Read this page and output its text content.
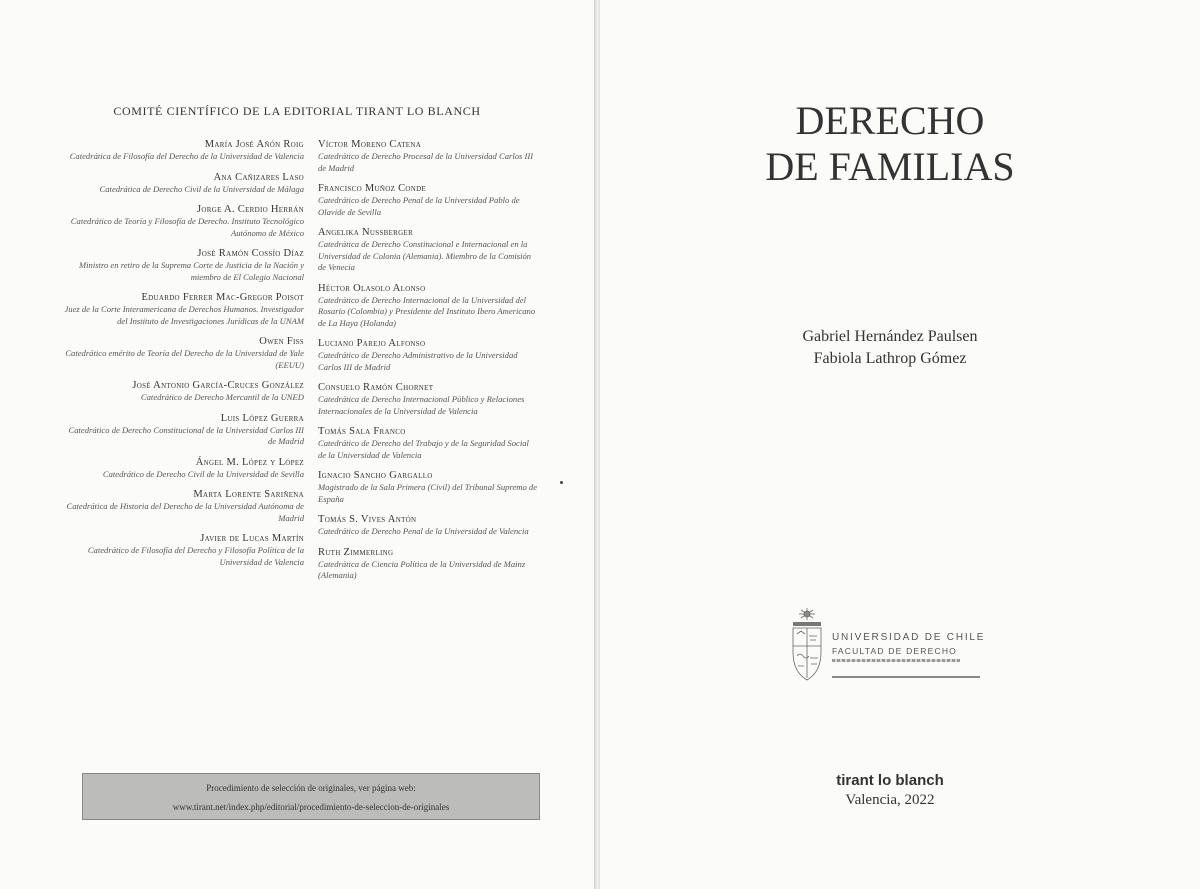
COMITÉ CIENTÍFICO DE LA EDITORIAL TIRANT LO BLANCH
María José Añón Roig
Catedrática de Filosofía del Derecho de la Universidad de Valencia
Ana Cañizares Laso
Catedrática de Derecho Civil de la Universidad de Málaga
Jorge A. Cerdio Herrán
Catedrático de Teoría y Filosofía de Derecho. Instituto Tecnológico Autónomo de México
José Ramón Cossío Díaz
Ministro en retiro de la Suprema Corte de Justicia de la Nación y miembro de El Colegio Nacional
Eduardo Ferrer Mac-Gregor Poisot
Juez de la Corte Interamericana de Derechos Humanos. Investigador del Instituto de Investigaciones Jurídicas de la UNAM
Owen Fiss
Catedrático emérito de Teoría del Derecho de la Universidad de Yale (EEUU)
José Antonio García-Cruces González
Catedrático de Derecho Mercantil de la UNED
Luis López Guerra
Catedrático de Derecho Constitucional de la Universidad Carlos III de Madrid
Ángel M. López y López
Catedrático de Derecho Civil de la Universidad de Sevilla
Marta Lorente Sariñena
Catedrática de Historia del Derecho de la Universidad Autónoma de Madrid
Javier de Lucas Martín
Catedrático de Filosofía del Derecho y Filosofía Política de la Universidad de Valencia
Víctor Moreno Catena
Catedrático de Derecho Procesal de la Universidad Carlos III de Madrid
Francisco Muñoz Conde
Catedrático de Derecho Penal de la Universidad Pablo de Olavide de Sevilla
Angelika Nussberger
Catedrática de Derecho Constitucional e Internacional en la Universidad de Colonia (Alemania). Miembro de la Comisión de Venecia
Héctor Olasolo Alonso
Catedrático de Derecho Internacional de la Universidad del Rosario (Colombia) y Presidente del Instituto Ibero Americano de La Haya (Holanda)
Luciano Parejo Alfonso
Catedrático de Derecho Administrativo de la Universidad Carlos III de Madrid
Consuelo Ramón Chornet
Catedrática de Derecho Internacional Público y Relaciones Internacionales de la Universidad de Valencia
Tomás Sala Franco
Catedrático de Derecho del Trabajo y de la Seguridad Social de la Universidad de Valencia
Ignacio Sancho Gargallo
Magistrado de la Sala Primera (Civil) del Tribunal Supremo de España
Tomás S. Vives Antón
Catedrático de Derecho Penal de la Universidad de Valencia
Ruth Zimmerling
Catedrática de Ciencia Política de la Universidad de Mainz (Alemania)
Procedimiento de selección de originales, ver página web:
www.tirant.net/index.php/editorial/procedimiento-de-seleccion-de-originales
DERECHO
DE FAMILIAS
Gabriel Hernández Paulsen
Fabiola Lathrop Gómez
UNIVERSIDAD DE CHILE
FACULTAD DE DERECHO
tirant lo blanch
Valencia, 2022
